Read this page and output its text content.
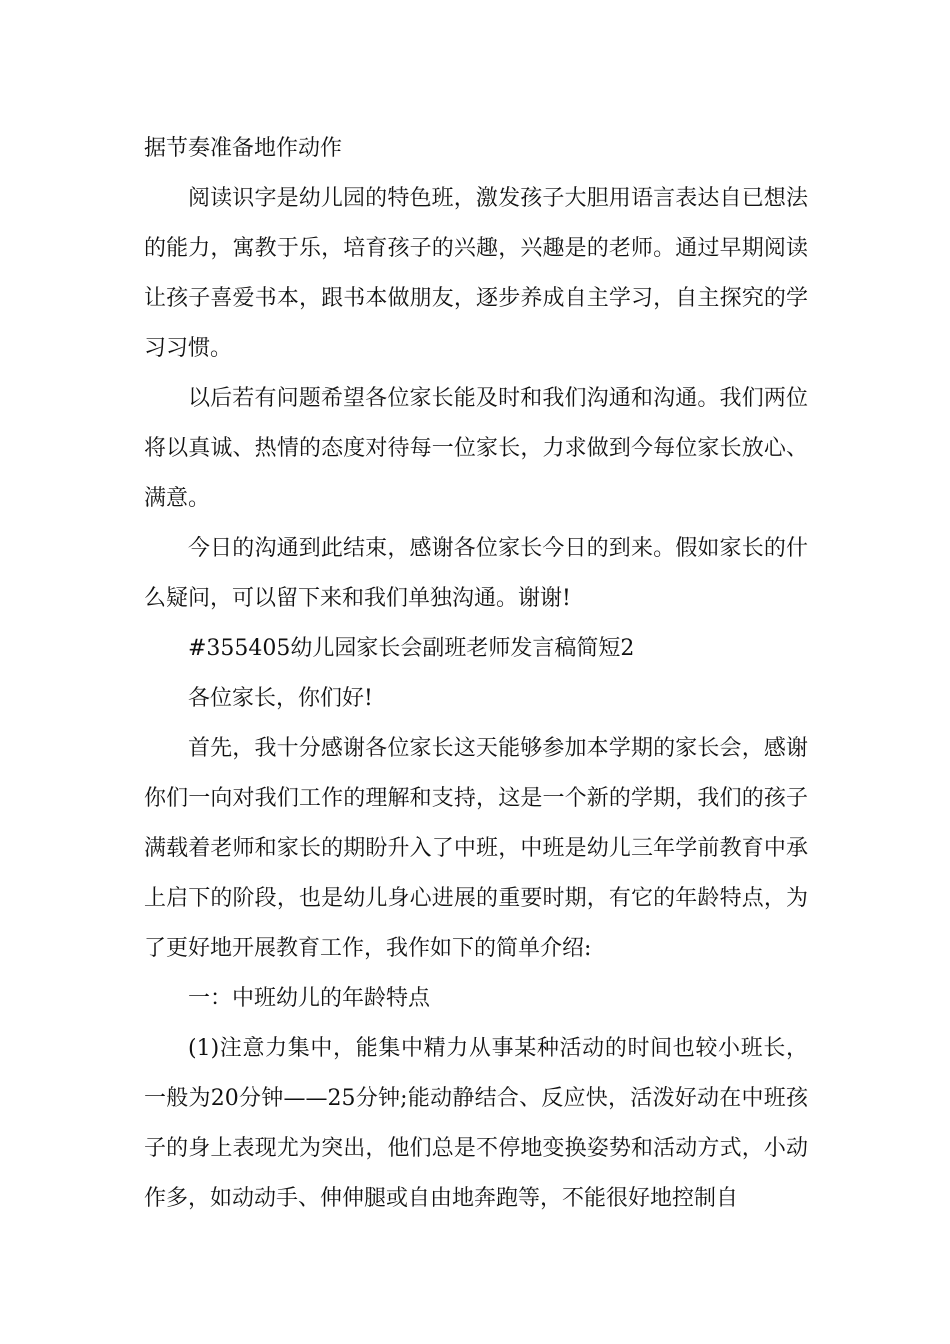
据节奏准备地作动作

阅读识字是幼儿园的特色班，激发孩子大胆用语言表达自已想法的能力，寓教于乐，培育孩子的兴趣，兴趣是的老师。通过早期阅读让孩子喜爱书本，跟书本做朋友，逐步养成自主学习，自主探究的学习习惯。

以后若有问题希望各位家长能及时和我们沟通和沟通。我们两位将以真诚、热情的态度对待每一位家长，力求做到今每位家长放心、满意。

今日的沟通到此结束，感谢各位家长今日的到来。假如家长的什么疑问，可以留下来和我们单独沟通。谢谢!

#355405幼儿园家长会副班老师发言稿简短2

各位家长，你们好!

首先，我十分感谢各位家长这天能够参加本学期的家长会，感谢你们一向对我们工作的理解和支持，这是一个新的学期，我们的孩子满载着老师和家长的期盼升入了中班，中班是幼儿三年学前教育中承上启下的阶段，也是幼儿身心进展的重要时期，有它的年龄特点，为了更好地开展教育工作，我作如下的简单介绍:

一：中班幼儿的年龄特点

(1)注意力集中，能集中精力从事某种活动的时间也较小班长，一般为20分钟——25分钟;能动静结合、反应快，活泼好动在中班孩子的身上表现尤为突出，他们总是不停地变换姿势和活动方式，小动作多，如动动手、伸伸腿或自由地奔跑等，不能很好地控制自
